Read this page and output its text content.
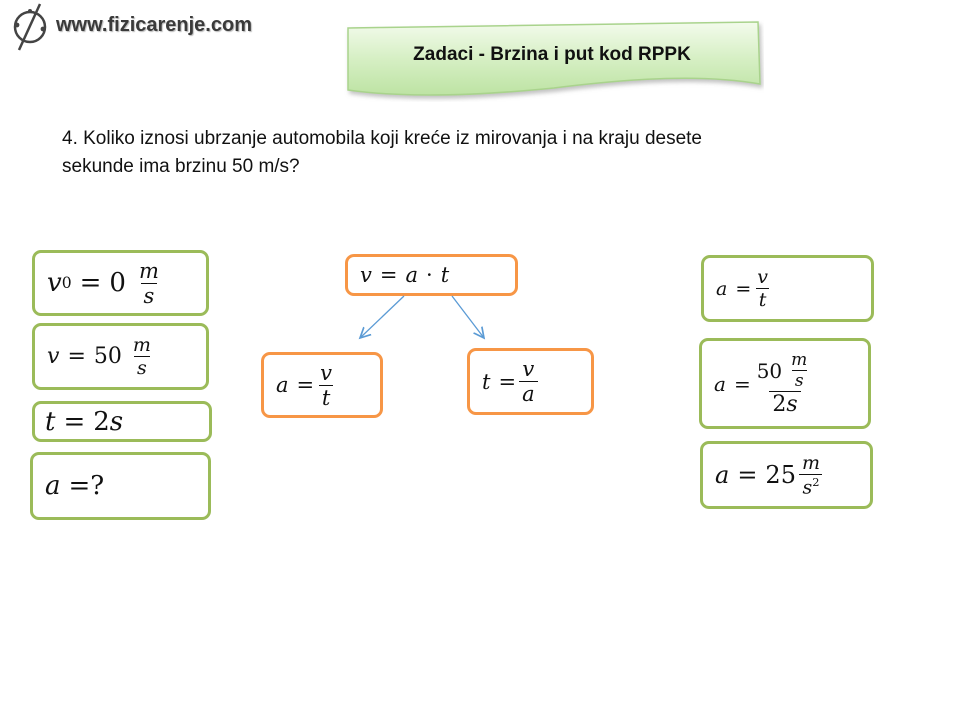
www.fizicarenje.com
Zadaci - Brzina i put kod RPPK
4. Koliko iznosi ubrzanje automobila koji kreće iz mirovanja i na kraju desete
sekunde ima brzinu 50 m/s?
v $0 = 0 \frac{m}{s}$
$v = 50 \frac{m}{s}$
t = 2 s
a =?
v = a · t
$a = \frac{v}{t}$	$t = \frac{v}{a}$
$a = \frac{v}{t}$
$a = \frac{50 \frac{m}{s}}{2s}$
$a = 25 \frac{m}{s^2}$
